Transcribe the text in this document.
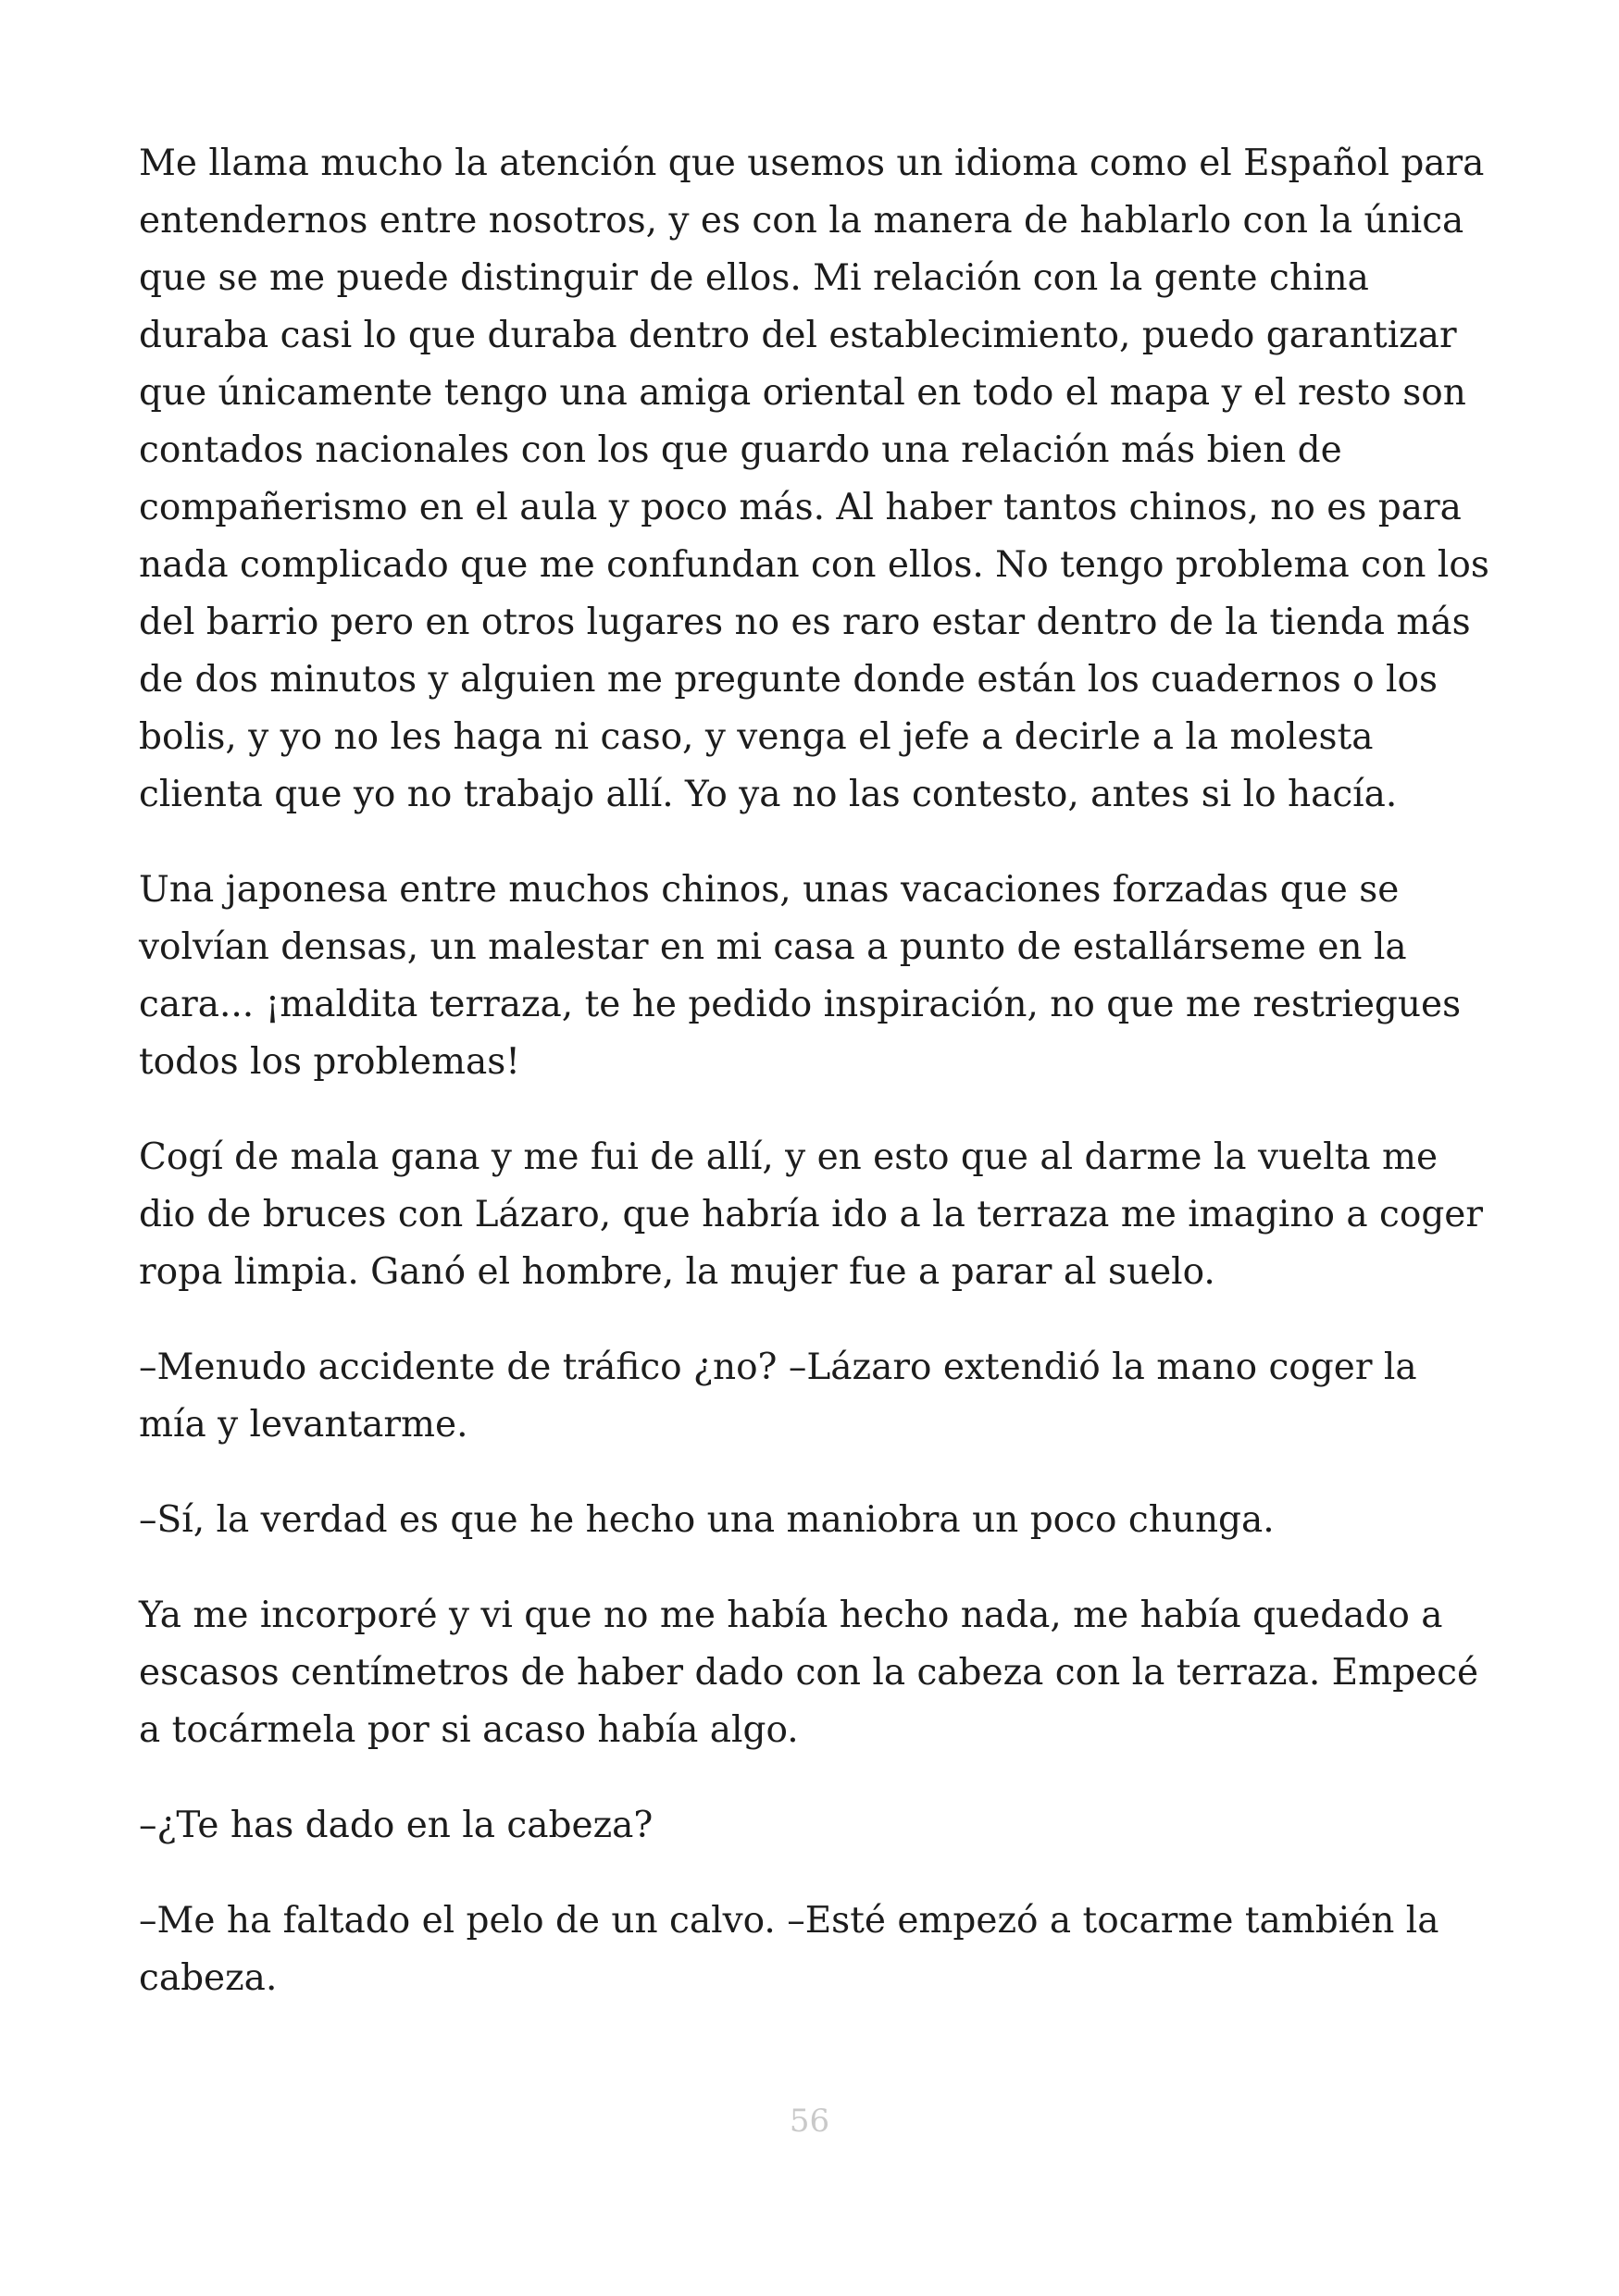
Me llama mucho la atención que usemos un idioma como el Español para entendernos entre nosotros, y es con la manera de hablarlo con la única que se me puede distinguir de ellos. Mi relación con la gente china duraba casi lo que duraba dentro del establecimiento, puedo garantizar que únicamente tengo una amiga oriental en todo el mapa y el resto son contados nacionales con los que guardo una relación más bien de compañerismo en el aula y poco más. Al haber tantos chinos, no es para nada complicado que me confundan con ellos. No tengo problema con los del barrio pero en otros lugares no es raro estar dentro de la tienda más de dos minutos y alguien me pregunte donde están los cuadernos o los bolis, y yo no les haga ni caso, y venga el jefe a decirle a la molesta clienta que yo no trabajo allí. Yo ya no las contesto, antes si lo hacía.

Una japonesa entre muchos chinos, unas vacaciones forzadas que se volvían densas, un malestar en mi casa a punto de estallárseme en la cara... ¡maldita terraza, te he pedido inspiración, no que me restriegues todos los problemas!

Cogí de mala gana y me fui de allí, y en esto que al darme la vuelta me dio de bruces con Lázaro, que habría ido a la terraza me imagino a coger ropa limpia. Ganó el hombre, la mujer fue a parar al suelo.

–Menudo accidente de tráfico ¿no? –Lázaro extendió la mano coger la mía y levantarme.

–Sí, la verdad es que he hecho una maniobra un poco chunga.

Ya me incorporé y vi que no me había hecho nada, me había quedado a escasos centímetros de haber dado con la cabeza con la terraza. Empecé a tocármela por si acaso había algo.

–¿Te has dado en la cabeza?

–Me ha faltado el pelo de un calvo. –Esté empezó a tocarme también la cabeza.

56
